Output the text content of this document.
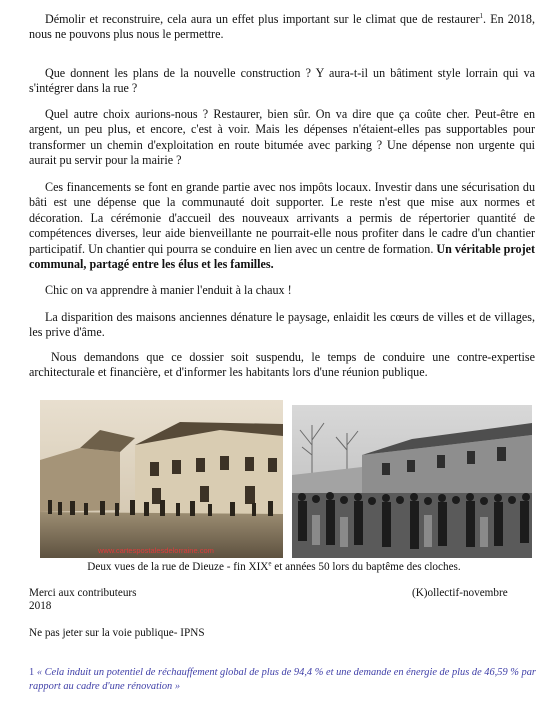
Démolir et reconstruire, cela aura un effet plus important sur le climat que de restaurer$^1$. En 2018, nous ne pouvons plus nous le permettre.

Que donnent les plans de la nouvelle construction ? Y aura-t-il un bâtiment style lorrain qui va s'intégrer dans la rue ?

Quel autre choix aurions-nous ? Restaurer, bien sûr. On va dire que ça coûte cher. Peut-être en argent, un peu plus, et encore, c'est à voir. Mais les dépenses n'étaient-elles pas supportables pour transformer un chemin d'exploitation en route bitumée avec parking ? Une dépense non urgente qui aurait pu servir pour la mairie ?

Ces financements se font en grande partie avec nos impôts locaux. Investir dans une sécurisation du bâti est une dépense que la communauté doit supporter. Le reste n'est que mise aux normes et décoration. La cérémonie d'accueil des nouveaux arrivants a permis de répertorier quantité de compétences diverses, leur aide bienveillante ne pourrait-elle nous profiter dans le cadre d'un chantier participatif. Un chantier qui pourra se conduire en lien avec un centre de formation. Un véritable projet communal, partagé entre les élus et les familles.

Chic on va apprendre à manier l'enduit à la chaux !

La disparition des maisons anciennes dénature le paysage, enlaidit les cœurs de villes et de villages, les prive d'âme.

Nous demandons que ce dossier soit suspendu, le temps de conduire une contre-expertise architecturale et financière, et d'informer les habitants lors d'une réunion publique.

www.cartespostalesdelorraine.com
Deux vues de la rue de Dieuze - fin XIXe et années 50 lors du baptême des cloches.
Merci aux contributeurs
2018
(K)ollectif-novembre
Ne pas jeter sur la voie publique- IPNS
1 « Cela induit un potentiel de réchauffement global de plus de 94,4 % et une demande en énergie de plus de 46,59 % par rapport au cadre d'une rénovation »
